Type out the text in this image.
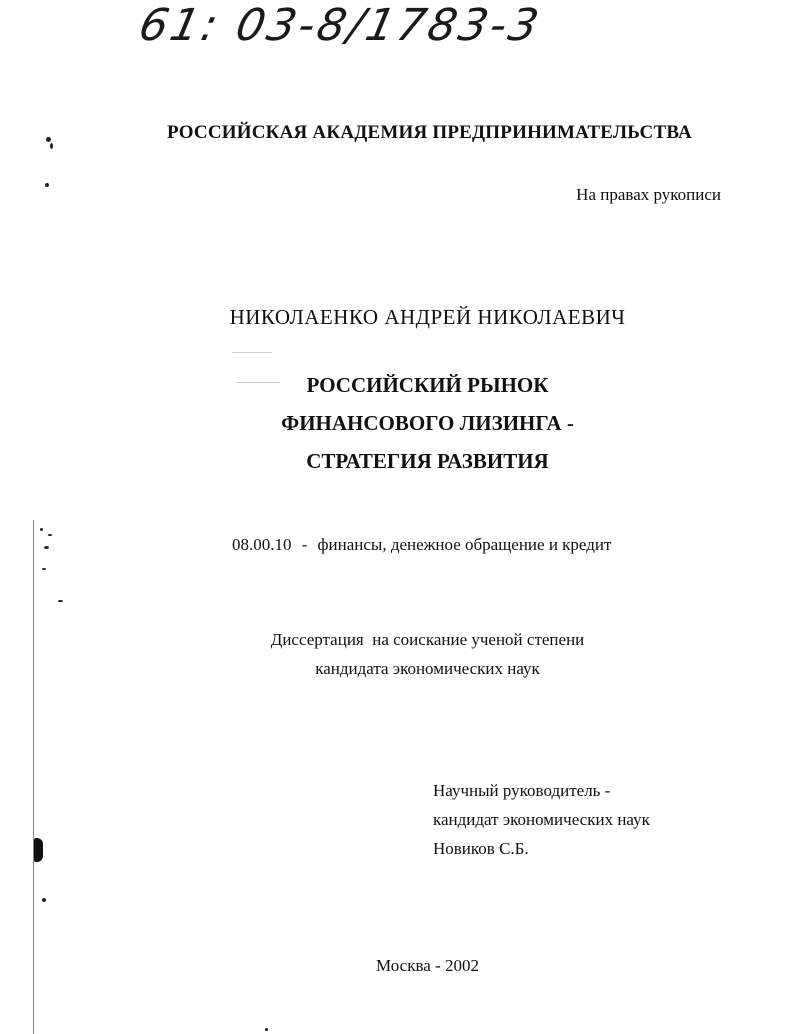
61: 03-8/1783-3
РОССИЙСКАЯ АКАДЕМИЯ ПРЕДПРИНИМАТЕЛЬСТВА
На правах рукописи
НИКОЛАЕНКО АНДРЕЙ НИКОЛАЕВИЧ
РОССИЙСКИЙ РЫНОК
ФИНАНСОВОГО ЛИЗИНГА -
СТРАТЕГИЯ РАЗВИТИЯ
08.00.10 - финансы, денежное обращение и кредит
Диссертация  на соискание ученой степени
кандидата экономических наук
Научный руководитель -
кандидат экономических наук
Новиков С.Б.
Москва - 2002
